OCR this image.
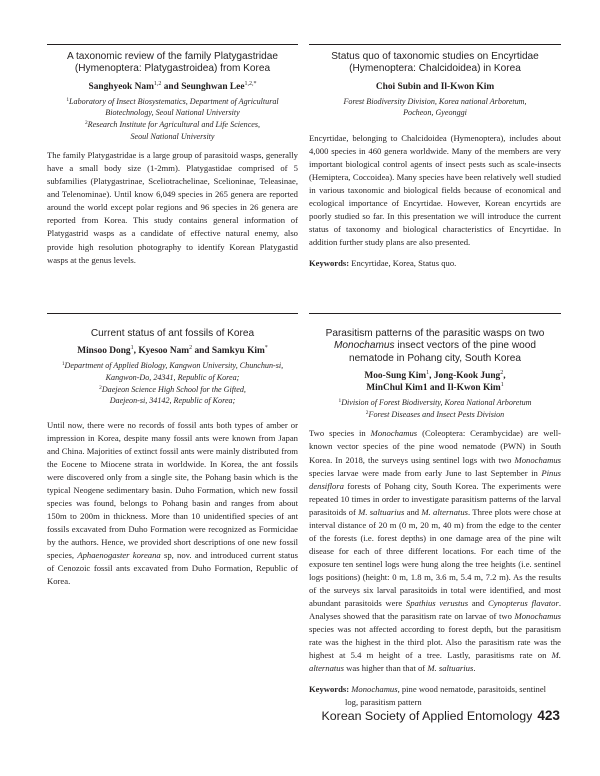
A taxonomic review of the family Platygastridae
(Hymenoptera: Platygastroidea) from Korea
Sanghyeok Nam$^{1,2}$ and Seunghwan Lee$^{1,2,*}$
$^1$Laboratory of Insect Biosystematics, Department of Agricultural
Biotechnology, Seoul National University
$^2$Research Institute for Agricultural and Life Sciences,
Seoul National University
The family Platygastridae is a large group of parasitoid wasps, generally have a small body size (1-2mm). Platygastidae comprised of 5 subfamilies (Platygastrinae, Sceliotrachelinae, Scelioninae, Teleasinae, and Telenominae). Until know 6,049 species in 265 genera are reported around the world except polar regions and 96 species in 26 genera are reported from Korea. This study contains general information of Platygastrid wasps as a candidate of effective natural enemy, also provide high resolution photography to identify Korean Platygastid wasps at the genus levels.
Status quo of taxonomic studies on Encyrtidae
(Hymenoptera: Chalcidoidea) in Korea
Choi Subin and Il-Kwon Kim
Forest Biodiversity Division, Korea national Arboretum,
Pocheon, Gyeonggi
Encyrtidae, belonging to Chalcidoidea (Hymenoptera), includes about 4,000 species in 460 genera worldwide. Many of the members are very important biological control agents of insect pests such as scale-insects (Hemiptera, Coccoidea). Many species have been relatively well studied in various taxonomic and biological fields because of economical and ecological importance of Encyrtidae. However, Korean encyrtids are poorly studied so far. In this presentation we will introduce the current status of taxonomy and biological characteristics of Encyrtidae. In addition further study plans are also presented.
Keywords: Encyrtidae, Korea, Status quo.
Current status of ant fossils of Korea
Minsoo Dong$^1$, Kyesoo Nam$^2$ and Samkyu Kim*
$^1$Department of Applied Biology, Kangwon University, Chunchun-si,
Kangwon-Do, 24341, Republic of Korea;
$^2$Daejeon Science High School for the Gifted,
Daejeon-si, 34142, Republic of Korea;
Until now, there were no records of fossil ants both types of amber or impression in Korea, despite many fossil ants were known from Japan and China. Majorities of extinct fossil ants were mainly distributed from the Eocene to Miocene strata in worldwide. In Korea, the ant fossils were discovered only from a single site, the Pohang basin which is the typical Neogene sedimentary basin. Duho Formation, which new fossil species was found, belongs to Pohang basin and ranges from about 150m to 200m in thickness. More than 10 unidentified species of ant fossils excavated from Duho Formation were recognized as Formicidae by the authors. Hence, we provided short descriptions of one new fossil species, Aphaenogaster koreana sp, nov. and introduced current status of Cenozoic fossil ants excavated from Duho Formation, Republic of Korea.
Parasitism patterns of the parasitic wasps on two
Monochamus insect vectors of the pine wood
nematode in Pohang city, South Korea
Moo-Sung Kim$^1$, Jong-Kook Jung$^2$,
MinChul Kim1 and Il-Kwon Kim$^1$
$^1$Division of Forest Biodiversity, Korea National Arboretum
$^2$Forest Diseases and Insect Pests Division
Two species in Monochamus (Coleoptera: Cerambycidae) are well-known vector species of the pine wood nematode (PWN) in South Korea. In 2018, the surveys using sentinel logs with two Monochamus species larvae were made from early June to last September in Pinus densiflora forests of Pohang city, South Korea. The experiments were repeated 10 times in order to investigate parasitism patterns of the larval parasitoids of M. saltuarius and M. alternatus. Three plots were chose at interval distance of 20 m (0 m, 20 m, 40 m) from the edge to the center of the forests (i.e. forest depths) in one damage area of the pine wilt disease for each of three different locations. For each time of the exposure ten sentinel logs were hung along the tree heights (i.e. sentinel logs positions) (height: 0 m, 1.8 m, 3.6 m, 5.4 m, 7.2 m). As the results of the surveys six larval parasitoids in total were identified, and most abundant parasitoids were Spathius verustus and Cynopterus flavator. Analyses showed that the parasitism rate on larvae of two Monochamus species was not affected according to forest depth, but the parasitism rate was the highest in the third plot. Also the parasitism rate was the highest at 5.4 m height of a tree. Lastly, parasitisms rate on M. alternatus was higher than that of M. saltuarius.
Keywords: Monochamus, pine wood nematode, parasitoids, sentinel
log, parasitism pattern
Korean Society of Applied Entomology 423
